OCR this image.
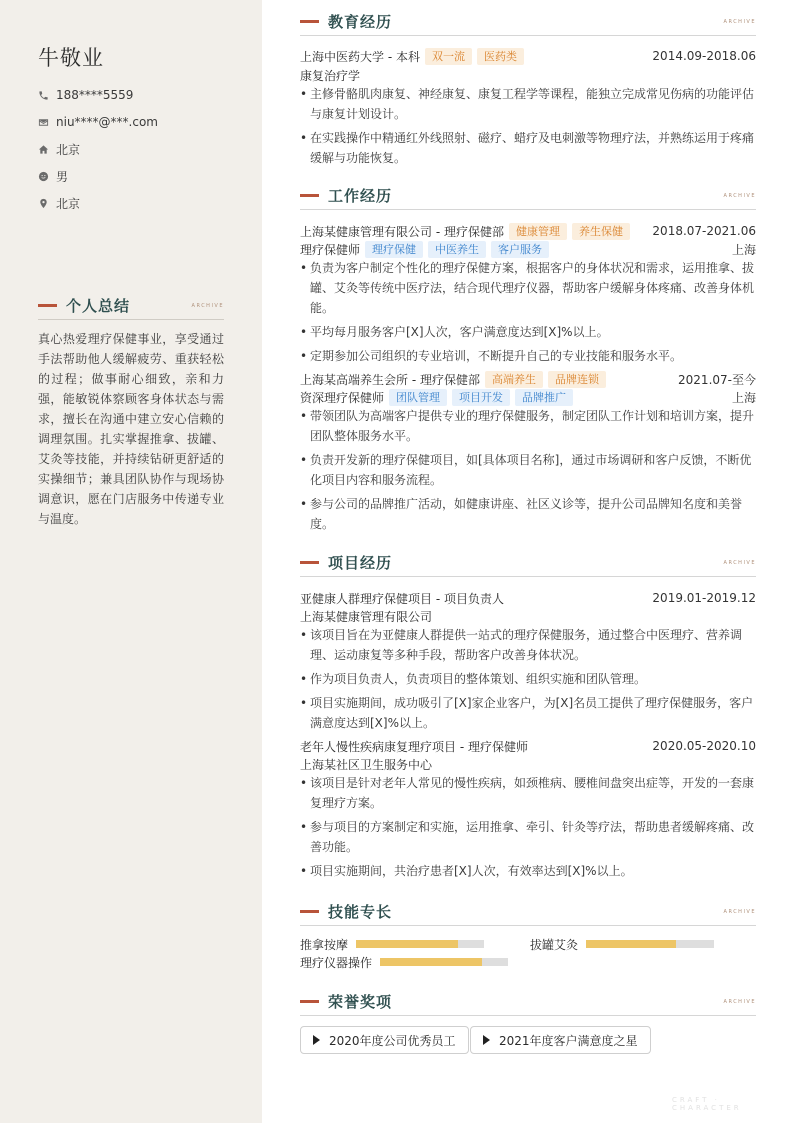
牛敬业
188****5559
niu****@***.com
北京
男
北京
个人总结	ARCHIVE
真心热爱理疗保健事业，享受通过手法帮助他人缓解疲劳、重获轻松的过程；做事耐心细致，亲和力强，能敏锐体察顾客身体状态与需求，擅长在沟通中建立安心信赖的调理氛围。扎实掌握推拿、拔罐、艾灸等技能，并持续钻研更舒适的实操细节；兼具团队协作与现场协调意识，愿在门店服务中传递专业与温度。
教育经历	ARCHIVE
上海中医药大学 - 本科	双一流	医药类	2014.09-2018.06
康复治疗学
• 主修骨骼肌肉康复、神经康复、康复工程学等课程，能独立完成常见伤病的功能评估与康复计划设计。
• 在实践操作中精通红外线照射、磁疗、蜡疗及电刺激等物理疗法，并熟练运用于疼痛缓解与功能恢复。
工作经历	ARCHIVE
上海某健康管理有限公司 - 理疗保健部	健康管理	养生保健	2018.07-2021.06
理疗保健师	理疗保健	中医养生	客户服务	上海
• 负责为客户制定个性化的理疗保健方案，根据客户的身体状况和需求，运用推拿、拔罐、艾灸等传统中医疗法，结合现代理疗仪器，帮助客户缓解身体疼痛、改善身体机能。
• 平均每月服务客户[X]人次，客户满意度达到[X]%以上。
• 定期参加公司组织的专业培训，不断提升自己的专业技能和服务水平。
上海某高端养生会所 - 理疗保健部	高端养生	品牌连锁	2021.07-至今
资深理疗保健师	团队管理	项目开发	品牌推广	上海
• 带领团队为高端客户提供专业的理疗保健服务，制定团队工作计划和培训方案，提升团队整体服务水平。
• 负责开发新的理疗保健项目，如[具体项目名称]，通过市场调研和客户反馈，不断优化项目内容和服务流程。
• 参与公司的品牌推广活动，如健康讲座、社区义诊等，提升公司品牌知名度和美誉度。
项目经历	ARCHIVE
亚健康人群理疗保健项目 - 项目负责人	2019.01-2019.12
上海某健康管理有限公司
• 该项目旨在为亚健康人群提供一站式的理疗保健服务，通过整合中医理疗、营养调理、运动康复等多种手段，帮助客户改善身体状况。
• 作为项目负责人，负责项目的整体策划、组织实施和团队管理。
• 项目实施期间，成功吸引了[X]家企业客户，为[X]名员工提供了理疗保健服务，客户满意度达到[X]%以上。
老年人慢性疾病康复理疗项目 - 理疗保健师	2020.05-2020.10
上海某社区卫生服务中心
• 该项目是针对老年人常见的慢性疾病，如颈椎病、腰椎间盘突出症等，开发的一套康复理疗方案。
• 参与项目的方案制定和实施，运用推拿、牵引、针灸等疗法，帮助患者缓解疼痛、改善功能。
• 项目实施期间，共治疗患者[X]人次，有效率达到[X]%以上。
技能专长	ARCHIVE
推拿按摩	拔罐艾灸
理疗仪器操作
荣誉奖项	ARCHIVE
2020年度公司优秀员工	2021年度客户满意度之星
CRAFT · CHARACTER
